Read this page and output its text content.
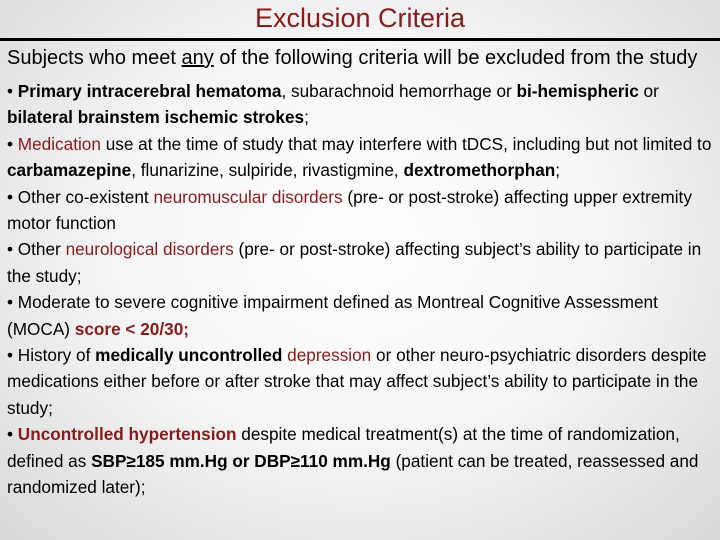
Exclusion Criteria

Subjects who meet any of the following criteria will be excluded from the study

• Primary intracerebral hematoma, subarachnoid hemorrhage or bi-hemispheric or bilateral brainstem ischemic strokes;
• Medication use at the time of study that may interfere with tDCS, including but not limited to carbamazepine, flunarizine, sulpiride, rivastigmine, dextromethorphan;
• Other co-existent neuromuscular disorders (pre- or post-stroke) affecting upper extremity motor function
• Other neurological disorders (pre- or post-stroke) affecting subject’s ability to participate in the study;
• Moderate to severe cognitive impairment defined as Montreal Cognitive Assessment (MOCA) score < 20/30;
• History of medically uncontrolled depression or other neuro-psychiatric disorders despite medications either before or after stroke that may affect subject’s ability to participate in the study;
• Uncontrolled hypertension despite medical treatment(s) at the time of randomization, defined as SBP≥185 mm.Hg or DBP≥110 mm.Hg (patient can be treated, reassessed and randomized later);
